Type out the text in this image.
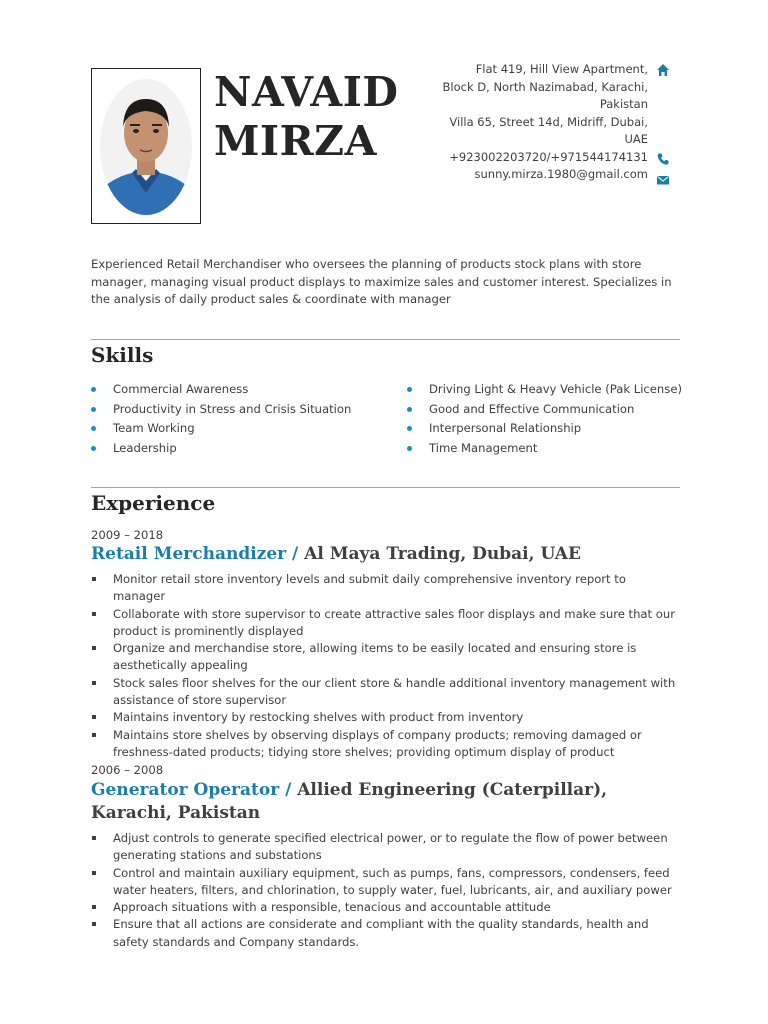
NAVAID
MIRZA
Flat 419, Hill View Apartment,
Block D, North Nazimabad, Karachi,
Pakistan
Villa 65, Street 14d, Midriff, Dubai,
UAE
+923002203720/+971544174131
sunny.mirza.1980@gmail.com
Experienced Retail Merchandiser who oversees the planning of products stock plans with store manager, managing visual product displays to maximize sales and customer interest. Specializes in the analysis of daily product sales & coordinate with manager
Skills
Commercial Awareness
Productivity in Stress and Crisis Situation
Team Working
Leadership
Driving Light & Heavy Vehicle (Pak License)
Good and Effective Communication
Interpersonal Relationship
Time Management
Experience
2009 – 2018
Retail Merchandizer / Al Maya Trading, Dubai, UAE
Monitor retail store inventory levels and submit daily comprehensive inventory report to manager
Collaborate with store supervisor to create attractive sales floor displays and make sure that our product is prominently displayed
Organize and merchandise store, allowing items to be easily located and ensuring store is aesthetically appealing
Stock sales floor shelves for the our client store & handle additional inventory management with assistance of store supervisor
Maintains inventory by restocking shelves with product from inventory
Maintains store shelves by observing displays of company products; removing damaged or freshness-dated products; tidying store shelves; providing optimum display of product
2006 – 2008
Generator Operator / Allied Engineering (Caterpillar), Karachi, Pakistan
Adjust controls to generate specified electrical power, or to regulate the flow of power between generating stations and substations
Control and maintain auxiliary equipment, such as pumps, fans, compressors, condensers, feed water heaters, filters, and chlorination, to supply water, fuel, lubricants, air, and auxiliary power
Approach situations with a responsible, tenacious and accountable attitude
Ensure that all actions are considerate and compliant with the quality standards, health and safety standards and Company standards.
